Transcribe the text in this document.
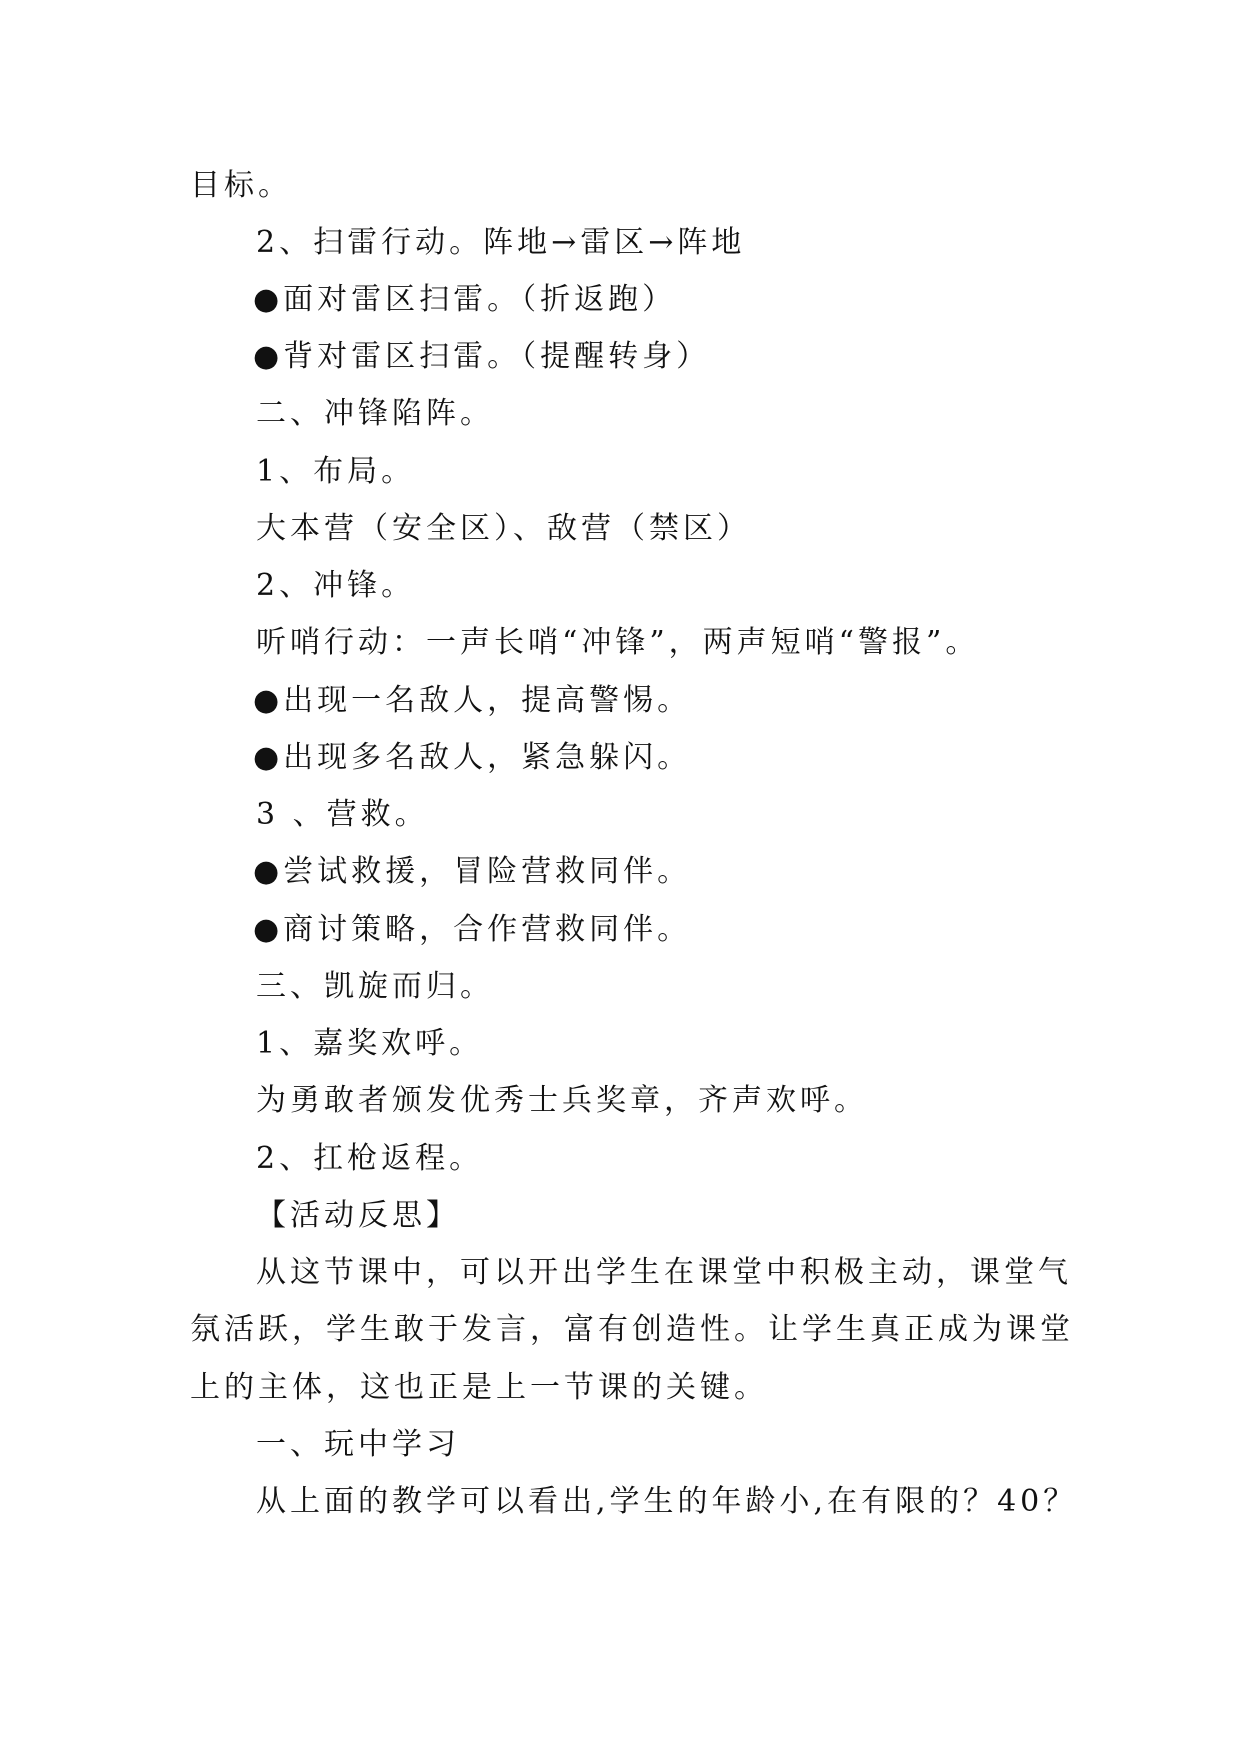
目标。
2、扫雷行动。阵地→雷区→阵地
●面对雷区扫雷。（折返跑）
●背对雷区扫雷。（提醒转身）
二、冲锋陷阵。
1、布局。
大本营（安全区）、敌营（禁区）
2、冲锋。
听哨行动：一声长哨“冲锋”，两声短哨“警报”。
●出现一名敌人，提高警惕。
●出现多名敌人，紧急躲闪。
3 、营救。
●尝试救援，冒险营救同伴。
●商讨策略，合作营救同伴。
三、凯旋而归。
1、嘉奖欢呼。
为勇敢者颁发优秀士兵奖章，齐声欢呼。
2、扛枪返程。
【活动反思】
从这节课中，可以开出学生在课堂中积极主动，课堂气
氛活跃，学生敢于发言，富有创造性。让学生真正成为课堂
上的主体，这也正是上一节课的关键。
一、玩中学习
从上面的教学可以看出,学生的年龄小,在有限的？40？
